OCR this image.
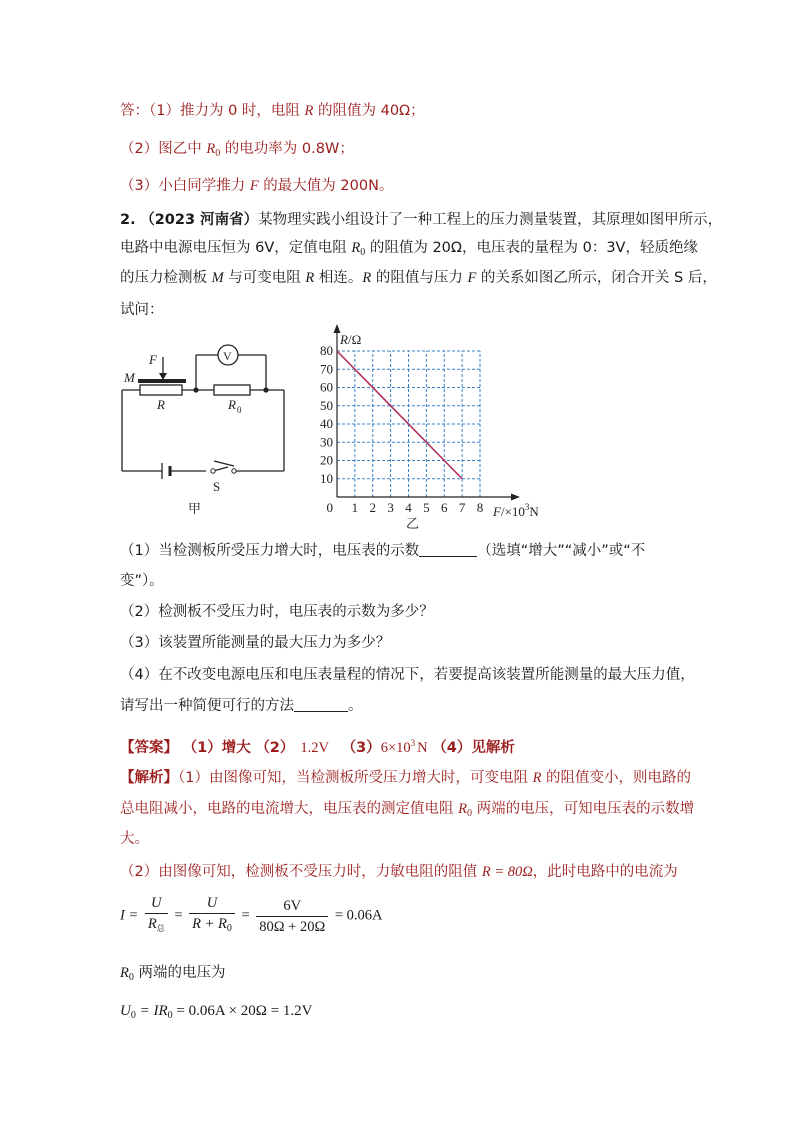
答：（1）推力为 0 时，电阻 R 的阻值为 40Ω；
（2）图乙中 $R_0$ 的电功率为 0.8W；
（3）小白同学推力 F 的最大值为 200N。
2. （2023 河南省）某物理实践小组设计了一种工程上的压力测量装置，其原理如图甲所示，
电路中电源电压恒为 6V，定值电阻 $R_0$ 的阻值为 20Ω，电压表的量程为 0：3V，轻质绝缘
的压力检测板 M 与可变电阻 R 相连。R 的阻值与压力 F 的关系如图乙所示，闭合开关 S 后，
试问：
F
M
R	R 0
V
S
甲	1 2 3 4 5 6 7 8
10
20
30
40
50
60
70
80
0
R/Ω
$F/\times 10^3N$
乙
（1）当检测板所受压力增大时，电压表的示数	（选填“增大”“减小”或“不
变”）。
（2）检测板不受压力时，电压表的示数为多少？
（3）该装置所能测量的最大压力为多少？
（4）在不改变电源电压和电压表量程的情况下，若要提高该装置所能测量的最大压力值，
请写出一种简便可行的方法	。
【答案】 （1）增大 （2） 1.2V $(3)6\times 10^3$ N （4）见解析
【解析】（1）由图像可知，当检测板所受压力增大时，可变电阻 R 的阻值变小，则电路的
总电阻减小，电路的电流增大，电压表的测定值电阻 $R_0$ 两端的电压，可知电压表的示数增
大。
（2）由图像可知，检测板不受压力时，力敏电阻的阻值 R = 80Ω，此时电路中的电流为
$I = \frac{U}{R_总} = \frac{U}{R + R_0} = \frac{6V}{80\Omega + 20\Omega} = 0.06A$
$R_0$ 两端的电压为
$U_0 = IR_0 = 0.06A \times 20\Omega = 1.2V$
